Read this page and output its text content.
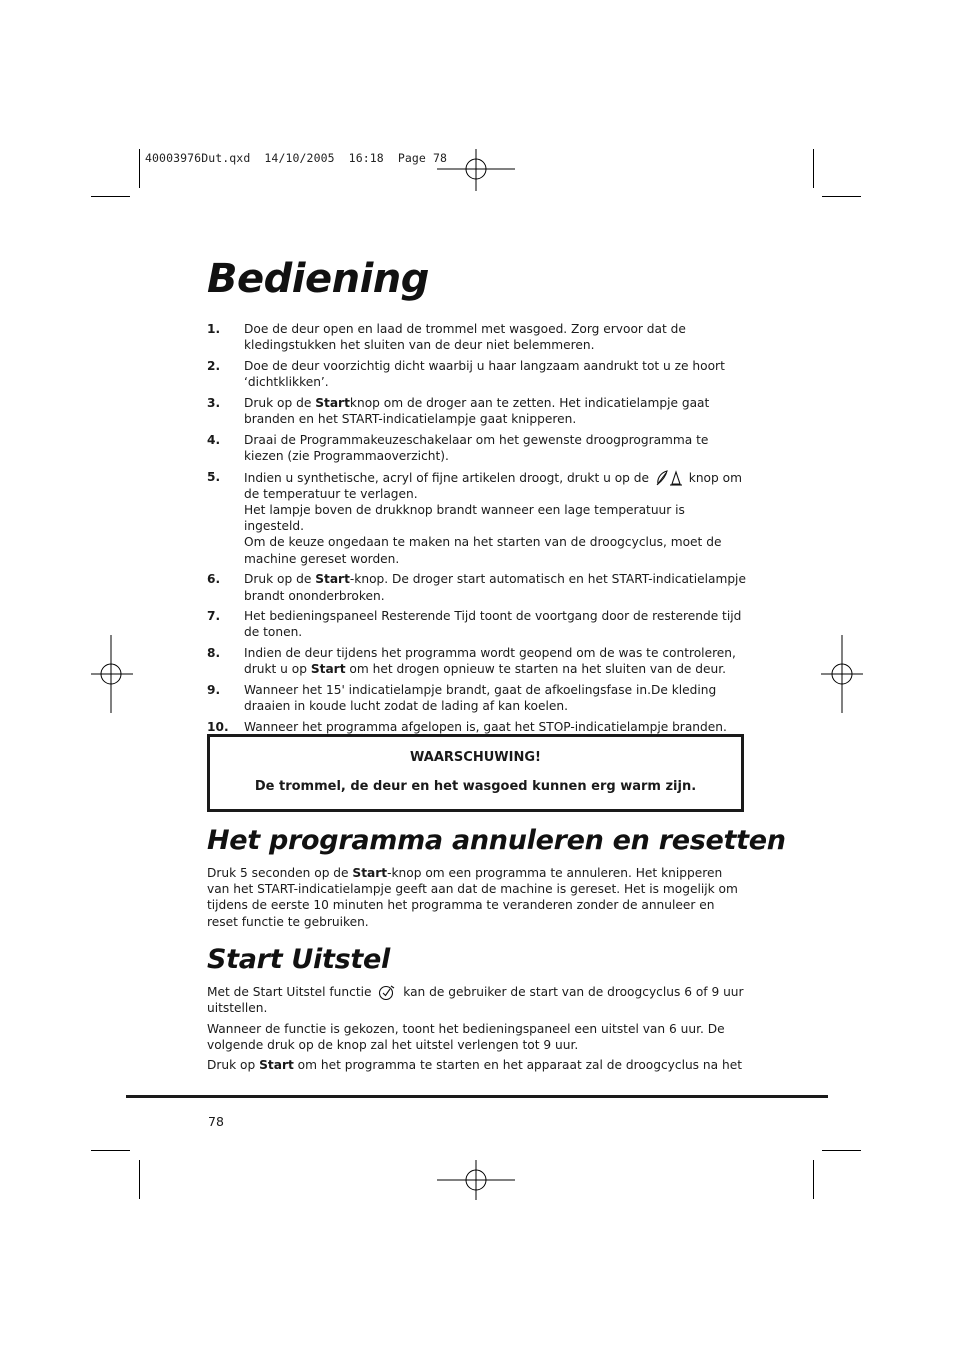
40003976Dut.qxd  14/10/2005  16:18  Page 78
Bediening
1. Doe de deur open en laad de trommel met wasgoed. Zorg ervoor dat de kledingstukken het sluiten van de deur niet belemmeren.
2. Doe de deur voorzichtig dicht waarbij u haar langzaam aandrukt tot u ze hoort ‘dichtklikken’.
3. Druk op de Startknop om de droger aan te zetten. Het indicatielampje gaat branden en het START-indicatielampje gaat knipperen.
4. Draai de Programmakeuzeschakelaar om het gewenste droogprogramma te kiezen (zie Programmaoverzicht).
5. Indien u synthetische, acryl of fijne artikelen droogt, drukt u op de	knop om de temperatuur te verlagen.
Het lampje boven de drukknop brandt wanneer een lage temperatuur is ingesteld.
Om de keuze ongedaan te maken na het starten van de droogcyclus, moet de machine gereset worden.
6. Druk op de Start-knop. De droger start automatisch en het START-indicatielampje brandt ononderbroken.
7. Het bedieningspaneel Resterende Tijd toont de voortgang door de resterende tijd de tonen.
8. Indien de deur tijdens het programma wordt geopend om de was te controleren, drukt u op Start om het drogen opnieuw te starten na het sluiten van de deur.
9. Wanneer het 15' indicatielampje brandt, gaat de afkoelingsfase in.De kleding draaien in koude lucht zodat de lading af kan koelen.
10. Wanneer het programma afgelopen is, gaat het STOP-indicatielampje branden.
WAARSCHUWING!
De trommel, de deur en het wasgoed kunnen erg warm zijn.
Het programma annuleren en resetten

Druk 5 seconden op de Start-knop om een programma te annuleren. Het knipperen van het START-indicatielampje geeft aan dat de machine is gereset. Het is mogelijk om tijdens de eerste 10 minuten het programma te veranderen zonder de annuleer en reset functie te gebruiken.

Start Uitstel

Met de Start Uitstel functie  kan de gebruiker de start van de droogcyclus 6 of 9 uur uitstellen.

Wanneer de functie is gekozen, toont het bedieningspaneel een uitstel van 6 uur. De volgende druk op de knop zal het uitstel verlengen tot 9 uur.

Druk op Start om het programma te starten en het apparaat zal de droogcyclus na het

78
